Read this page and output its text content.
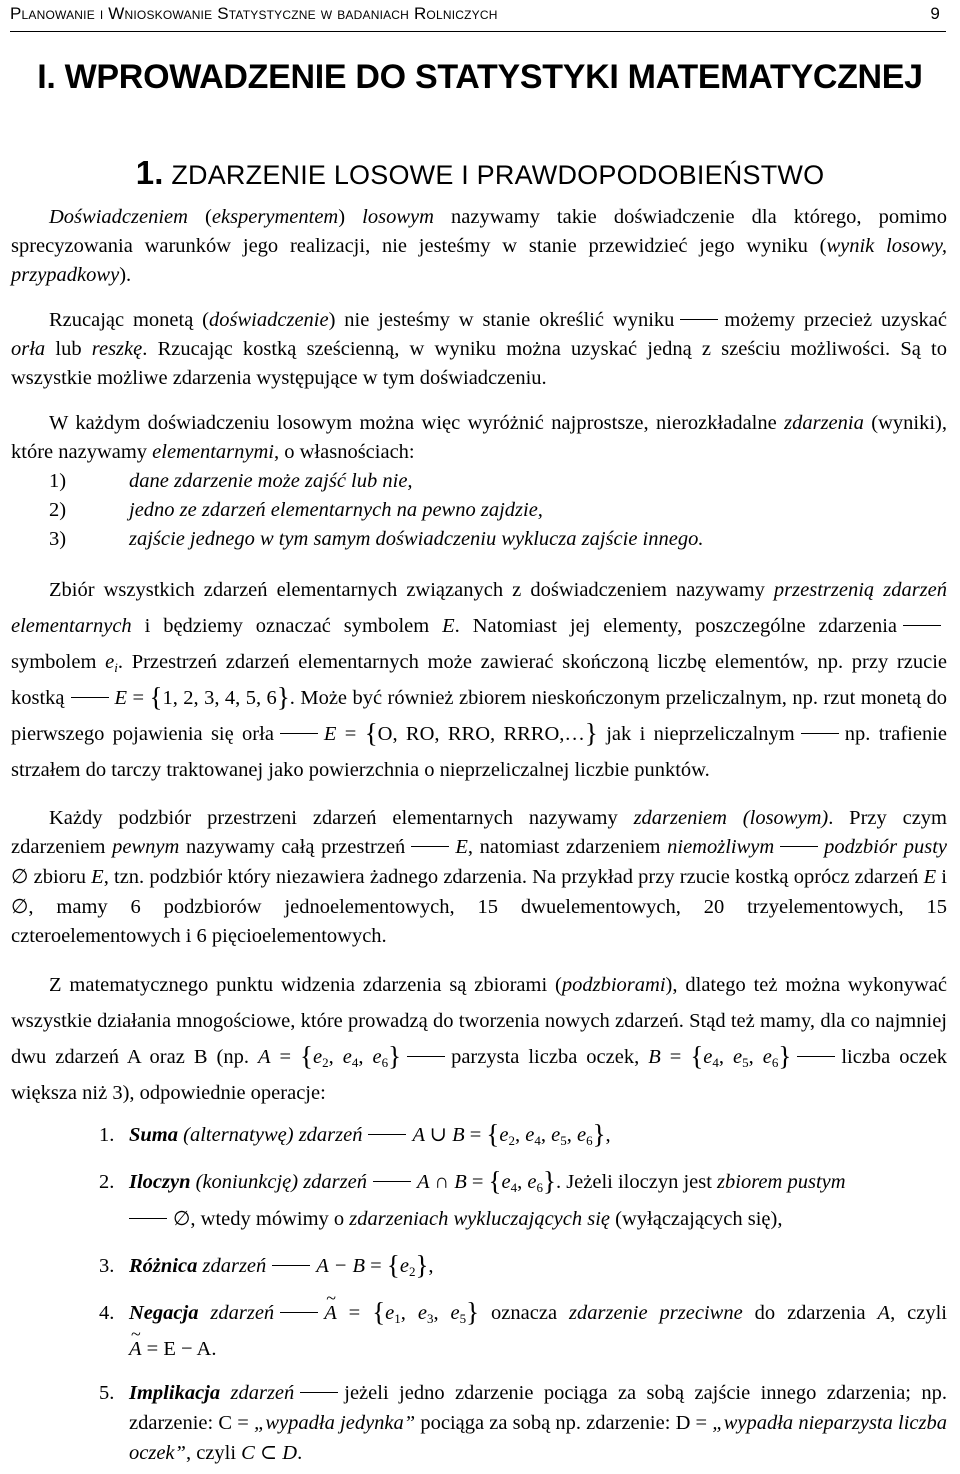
Planowanie i Wnioskowanie Statystyczne w badaniach Rolniczych	9
I. WPROWADZENIE DO STATYSTYKI MATEMATYCZNEJ
1. ZDARZENIE LOSOWE I PRAWDOPODOBIEŃSTWO

Doświadczeniem (eksperymentem) losowym nazywamy takie doświadczenie dla którego, pomimo sprecyzowania warunków jego realizacji, nie jesteśmy w stanie przewidzieć jego wyniku (wynik losowy, przypadkowy).

Rzucając monetą (doświadczenie) nie jesteśmy w stanie określić wyniku możemy przecież uzyskać orła lub reszkę. Rzucając kostką sześcienną, w wyniku można uzyskać jedną z sześciu możliwości. Są to wszystkie możliwe zdarzenia występujące w tym doświadczeniu.

W każdym doświadczeniu losowym można więc wyróżnić najprostsze, nierozkładalne zdarzenia (wyniki), które nazywamy elementarnymi, o własnościach:

1)	dane zdarzenie może zajść lub nie,
2)	jedno ze zdarzeń elementarnych na pewno zajdzie,
3)	zajście jednego w tym samym doświadczeniu wyklucza zajście innego.

Zbiór wszystkich zdarzeń elementarnych związanych z doświadczeniem nazywamy przestrzenią zdarzeń elementarnych i będziemy oznaczać symbolem E. Natomiast jej elementy, poszczególne zdarzeniasymbolem $e_i$. Przestrzeń zdarzeń elementarnych może zawierać skończoną liczbę elementów, np. przy rzucie kostką E = {1, 2, 3, 4, 5, 6}. Może być również zbiorem nieskończonym przeliczalnym, np. rzut monetą do pierwszego pojawienia się orła E = {O, RO, RRO, RRRO,…} jak i nieprzeliczalnym np. trafienie strzałem do tarczy traktowanej jako powierzchnia o nieprzeliczalnej liczbie punktów.

Każdy podzbiór przestrzeni zdarzeń elementarnych nazywamy zdarzeniem (losowym). Przy czym zdarzeniem pewnym nazywamy całą przestrzeń E, natomiast zdarzeniem niemożliwym podzbiór pusty ∅ zbioru E, tzn. podzbiór który niezawiera żadnego zdarzenia. Na przykład przy rzucie kostką oprócz zdarzeń E i ∅, mamy 6 podzbiorów jednoelementowych, 15 dwuelementowych, 20 trzyelementowych, 15 czteroelementowych i 6 pięcioelementowych.

Z matematycznego punktu widzenia zdarzenia są zbiorami (podzbiorami), dlatego też można wykonywać wszystkie działania mnogościowe, które prowadzą do tworzenia nowych zdarzeń. Stąd też mamy, dla co najmniej dwu zdarzeń A oraz B (np. $A = \{e_2$, $e_4$, $e_6$} parzysta liczba oczek, $B = \{e_4$, $e_5$, $e_6$} liczba oczek większa niż 3), odpowiednie operacje:

1. Suma (alternatywę) zdarzeń A ∪ $B = \{e_2$, $e_4$, $e_5$, $e_6$},
2. Iloczyn (koniunkcję) zdarzeń A ∩ $B = \{e_4$, $e_6$}. Jeżeli iloczyn jest zbiorem pustym
∅, wtedy mówimy o zdarzeniach wykluczających się (wyłączających się),
3. Różnica zdarzeń $A - B = \{e_2\}$,
4. Negacja zdarzeń~ $A = \{e_1$, $e_3$, $e_5$} oznacza zdarzenie przeciwne do zdarzenia A, czyli ~ A = E − A.
5. Implikacja zdarzeń jeżeli jedno zdarzenie pociąga za sobą zajście innego zdarzenia; np. zdarzenie: C = „wypadła jedynka” pociąga za sobą np. zdarzenie: D = „wypadła nieparzysta liczba oczek”, czyli C ⊂ D.
